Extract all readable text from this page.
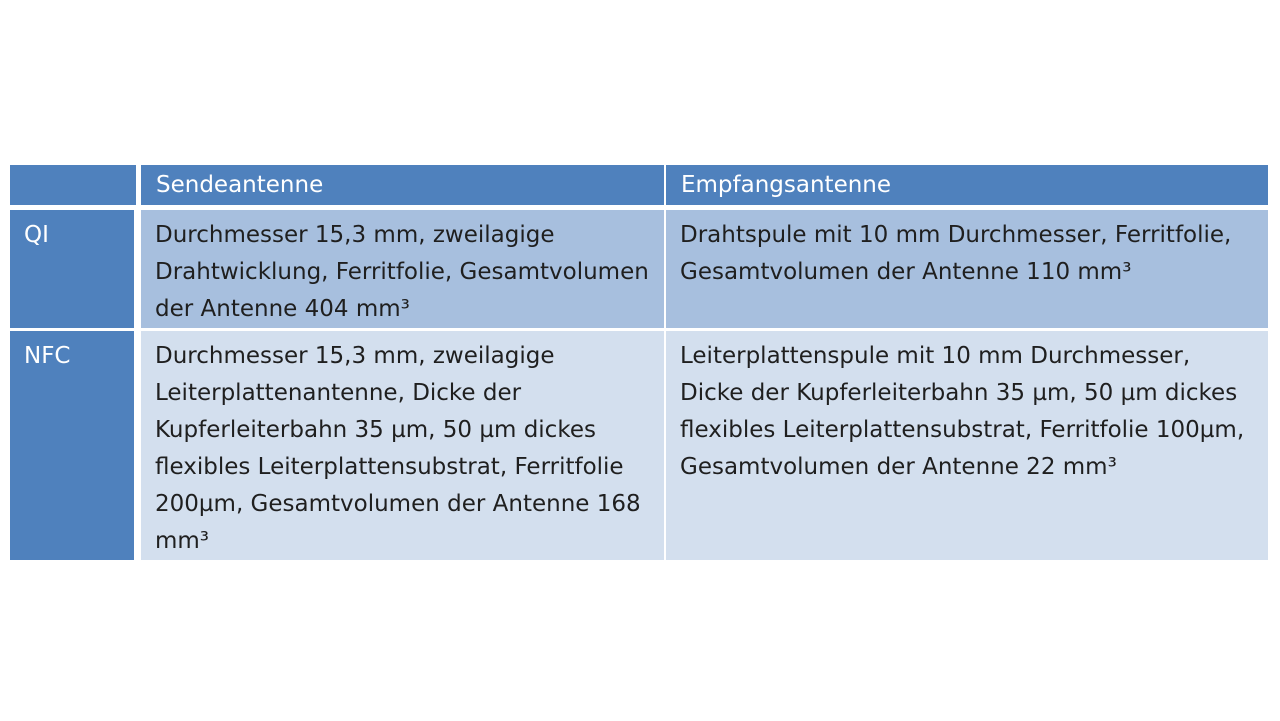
	Sendeantenne	Empfangsantenne
QI	Durchmesser 15,3 mm, zweilagige Drahtwicklung, Ferritfolie, Gesamtvolumen der Antenne 404 mm³	Drahtspule mit 10 mm Durchmesser, Ferritfolie, Gesamtvolumen der Antenne 110 mm³

NFC	Durchmesser 15,3 mm, zweilagige Leiterplattenantenne, Dicke der Kupferleiterbahn 35 µm, 50 µm dickes flexibles Leiterplattensubstrat, Ferritfolie 200µm, Gesamtvolumen der Antenne 168 mm³	Leiterplattenspule mit 10 mm Durchmesser, Dicke der Kupferleiterbahn 35 µm, 50 µm dickes flexibles Leiterplattensubstrat, Ferritfolie 100µm, Gesamtvolumen der Antenne 22 mm³
